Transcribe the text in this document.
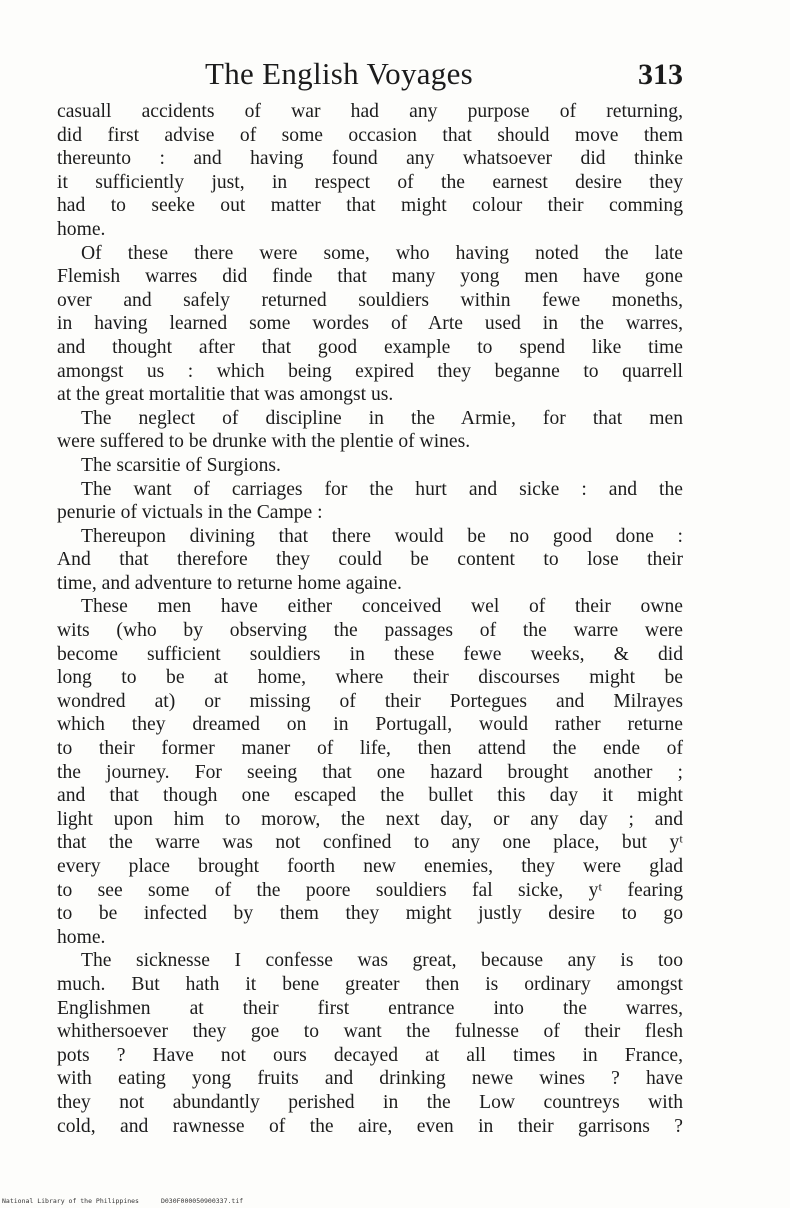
The English Voyages	313
casuall accidents of war had any purpose of returning,
did first advise of some occasion that should move them
thereunto : and having found any whatsoever did thinke
it sufficiently just, in respect of the earnest desire they
had to seeke out matter that might colour their comming
home.
Of these there were some, who having noted the late
Flemish warres did finde that many yong men have gone
over and safely returned souldiers within fewe moneths,
in having learned some wordes of Arte used in the warres,
and thought after that good example to spend like time
amongst us : which being expired they beganne to quarrell
at the great mortalitie that was amongst us.
The neglect of discipline in the Armie, for that men
were suffered to be drunke with the plentie of wines.
The scarsitie of Surgions.
The want of carriages for the hurt and sicke : and the
penurie of victuals in the Campe :
Thereupon divining that there would be no good done :
And that therefore they could be content to lose their
time, and adventure to returne home againe.
These men have either conceived wel of their owne
wits (who by observing the passages of the warre were
become sufficient souldiers in these fewe weeks, & did
long to be at home, where their discourses might be
wondred at) or missing of their Portegues and Milrayes
which they dreamed on in Portugall, would rather returne
to their former maner of life, then attend the ende of
the journey. For seeing that one hazard brought another ;
and that though one escaped the bullet this day it might
light upon him to morow, the next day, or any day ; and
that the warre was not confined to any one place, but yᵗ
every place brought foorth new enemies, they were glad
to see some of the poore souldiers fal sicke, yᵗ fearing
to be infected by them they might justly desire to go
home.
The sicknesse I confesse was great, because any is too
much. But hath it bene greater then is ordinary amongst
Englishmen at their first entrance into the warres,
whithersoever they goe to want the fulnesse of their flesh
pots ? Have not ours decayed at all times in France,
with eating yong fruits and drinking newe wines ? have
they not abundantly perished in the Low countreys with
cold, and rawnesse of the aire, even in their garrisons ?
National Library of the Philippines	D030F000050900337.tif
